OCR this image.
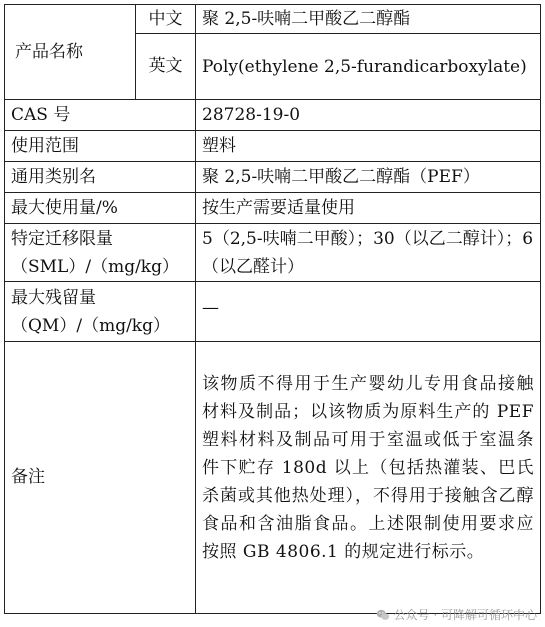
产品名称	中文	聚 2,5-呋喃二甲酸乙二醇酯
	英文	Poly(ethylene 2,5-furandicarboxylate)
CAS 号		28728-19-0
使用范围		塑料
通用类别名		聚 2,5-呋喃二甲酸乙二醇酯（PEF）
最大使用量/%		按生产需要适量使用
特定迁移限量
（SML）/（mg/kg）		5（2,5-呋喃二甲酸）；30（以乙二醇计）；6（以乙醛计）
最大残留量
（QM）/（mg/kg）		—
备注		该物质不得用于生产婴幼儿专用食品接触材料及制品；以该物质为原料生产的 PEF 塑料材料及制品可用于室温或低于室温条件下贮存 180d 以上（包括热灌装、巴氏杀菌或其他热处理），不得用于接触含乙醇食品和含油脂食品。上述限制使用要求应按照 GB 4806.1 的规定进行标示。
公众号 · 可降解可循环中心
